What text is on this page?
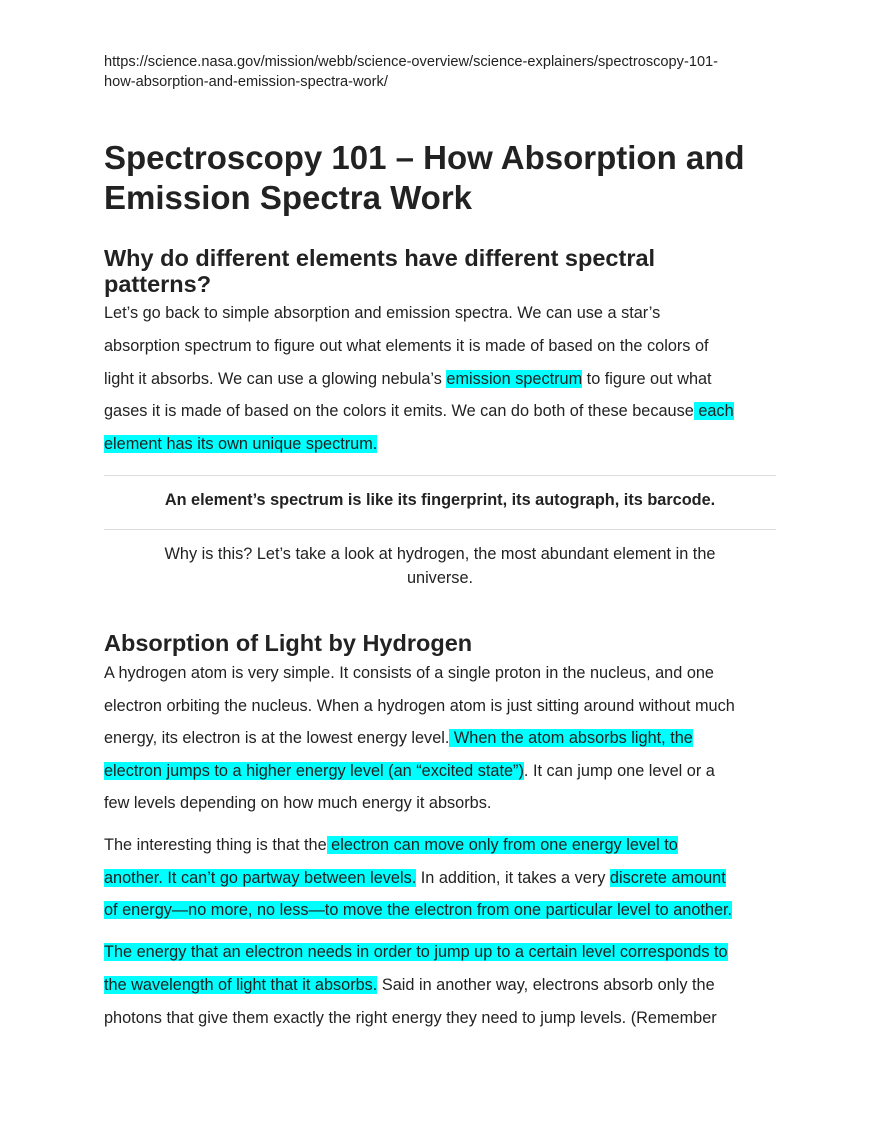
https://science.nasa.gov/mission/webb/science-overview/science-explainers/spectroscopy-101-
how-absorption-and-emission-spectra-work/
Spectroscopy 101 – How Absorption and
Emission Spectra Work
Why do different elements have different spectral
patterns?
Let’s go back to simple absorption and emission spectra. We can use a star’s
absorption spectrum to figure out what elements it is made of based on the colors of
light it absorbs. We can use a glowing nebula’s emission spectrum to figure out what
gases it is made of based on the colors it emits. We can do both of these because each
element has its own unique spectrum.
An element’s spectrum is like its fingerprint, its autograph, its barcode.
Why is this? Let’s take a look at hydrogen, the most abundant element in the
universe.
Absorption of Light by Hydrogen
A hydrogen atom is very simple. It consists of a single proton in the nucleus, and one
electron orbiting the nucleus. When a hydrogen atom is just sitting around without much
energy, its electron is at the lowest energy level. When the atom absorbs light, the
electron jumps to a higher energy level (an “excited state”). It can jump one level or a
few levels depending on how much energy it absorbs.
The interesting thing is that the electron can move only from one energy level to
another. It can’t go partway between levels. In addition, it takes a very discrete amount
of energy—no more, no less—to move the electron from one particular level to another.
The energy that an electron needs in order to jump up to a certain level corresponds to
the wavelength of light that it absorbs. Said in another way, electrons absorb only the
photons that give them exactly the right energy they need to jump levels. (Remember
